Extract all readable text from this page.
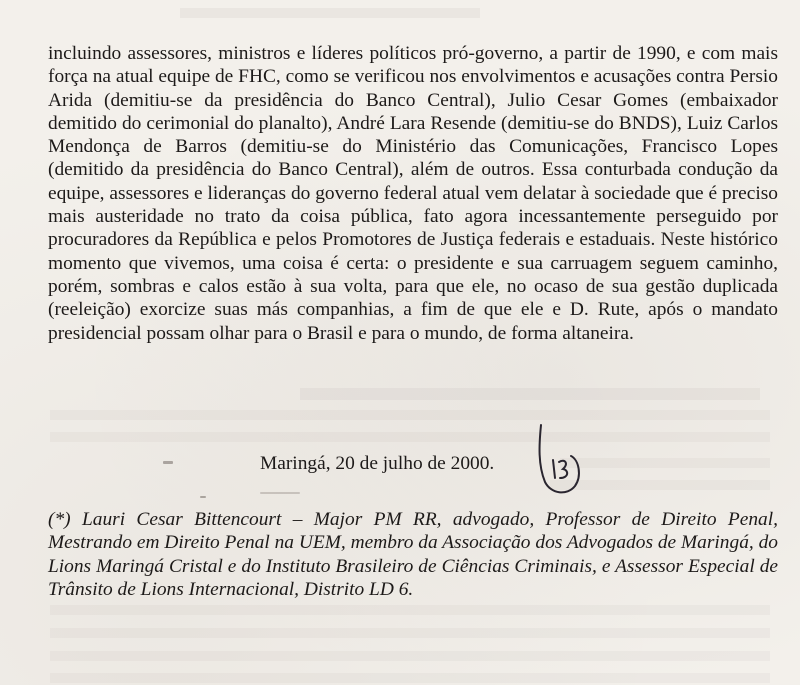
incluindo assessores, ministros e líderes políticos pró-governo, a partir de 1990, e com mais força na atual equipe de FHC, como se verificou nos envolvimentos e acusações contra Persio Arida (demitiu-se da presidência do Banco Central), Julio Cesar Gomes (embaixador demitido do cerimonial do planalto), André Lara Resende (demitiu-se do BNDS), Luiz Carlos Mendonça de Barros (demitiu-se do Ministério das Comunicações, Francisco Lopes (demitido da presidência do Banco Central), além de outros. Essa conturbada condução da equipe, assessores e lideranças do governo federal atual vem delatar à sociedade que é preciso mais austeridade no trato da coisa pública, fato agora incessantemente perseguido por procuradores da República e pelos Promotores de Justiça federais e estaduais. Neste histórico momento que vivemos, uma coisa é certa: o presidente e sua carruagem seguem caminho, porém, sombras e calos estão à sua volta, para que ele, no ocaso de sua gestão duplicada (reeleição) exorcize suas más companhias, a fim de que ele e D. Rute, após o mandato presidencial possam olhar para o Brasil e para o mundo, de forma altaneira.

Maringá, 20 de julho de 2000.

(*) Lauri Cesar Bittencourt – Major PM RR, advogado, Professor de Direito Penal, Mestrando em Direito Penal na UEM, membro da Associação dos Advogados de Maringá, do Lions Maringá Cristal e do Instituto Brasileiro de Ciências Criminais, e Assessor Especial de Trânsito de Lions Internacional, Distrito LD 6.
